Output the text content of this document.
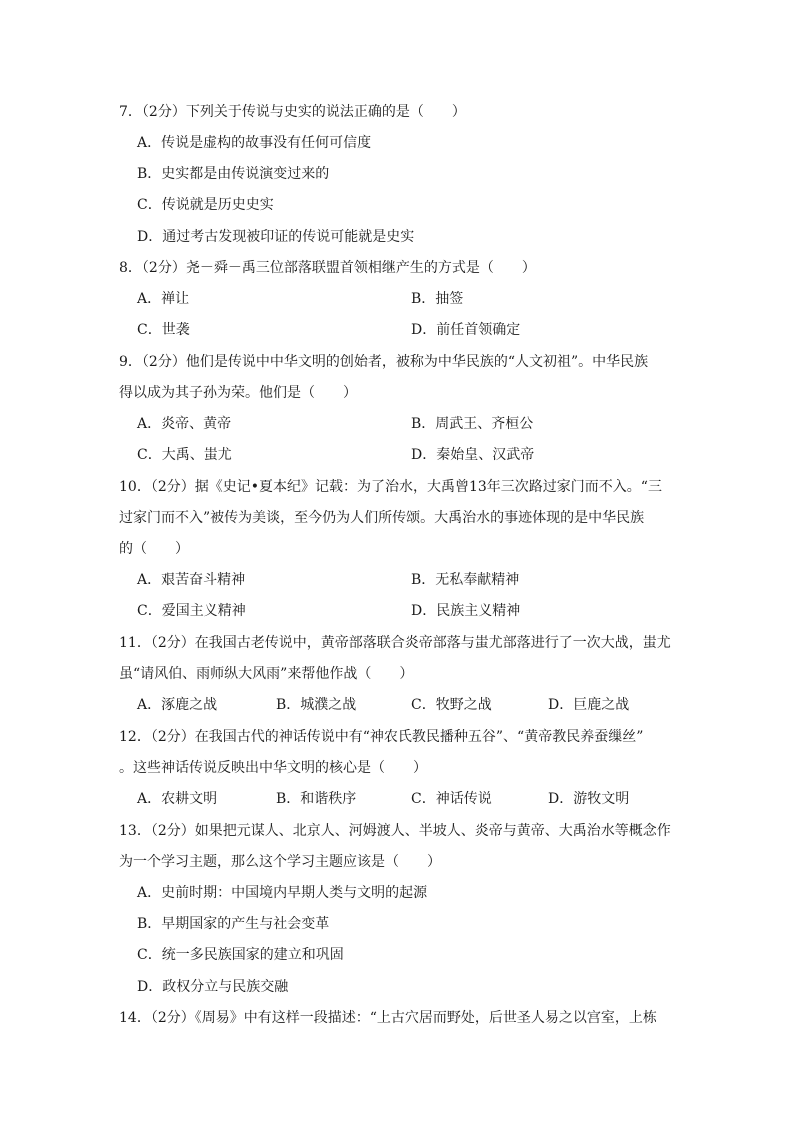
7．（2分）下列关于传说与史实的说法正确的是（　　）
A．传说是虚构的故事没有任何可信度
B．史实都是由传说演变过来的
C．传说就是历史史实
D．通过考古发现被印证的传说可能就是史实
8．（2分）尧－舜－禹三位部落联盟首领相继产生的方式是（　　）
A．禅让	B．抽签
C．世袭	D．前任首领确定
9．（2分）他们是传说中中华文明的创始者，被称为中华民族的“人文初祖”。中华民族
得以成为其子孙为荣。他们是（　　）
A．炎帝、黄帝	B．周武王、齐桓公
C．大禹、蚩尤	D．秦始皇、汉武帝
10．（2分）据《史记•夏本纪》记载：为了治水，大禹曾13年三次路过家门而不入。“三
过家门而不入”被传为美谈，至今仍为人们所传颂。大禹治水的事迹体现的是中华民族
的（　　）
A．艰苦奋斗精神	B．无私奉献精神
C．爱国主义精神	D．民族主义精神
11．（2分）在我国古老传说中，黄帝部落联合炎帝部落与蚩尤部落进行了一次大战，蚩尤
虽“请风伯、雨师纵大风雨”来帮他作战（　　）
A．涿鹿之战	B．城濮之战	C．牧野之战	D．巨鹿之战
12．（2分）在我国古代的神话传说中有“神农氏教民播种五谷”、“黄帝教民养蚕缫丝”
。这些神话传说反映出中华文明的核心是（　　）
A．农耕文明	B．和谐秩序	C．神话传说	D．游牧文明
13．（2分）如果把元谋人、北京人、河姆渡人、半坡人、炎帝与黄帝、大禹治水等概念作
为一个学习主题，那么这个学习主题应该是（　　）
A．史前时期：中国境内早期人类与文明的起源
B．早期国家的产生与社会变革
C．统一多民族国家的建立和巩固
D．政权分立与民族交融
14．（2分）《周易》中有这样一段描述：“上古穴居而野处，后世圣人易之以宫室，上栋
